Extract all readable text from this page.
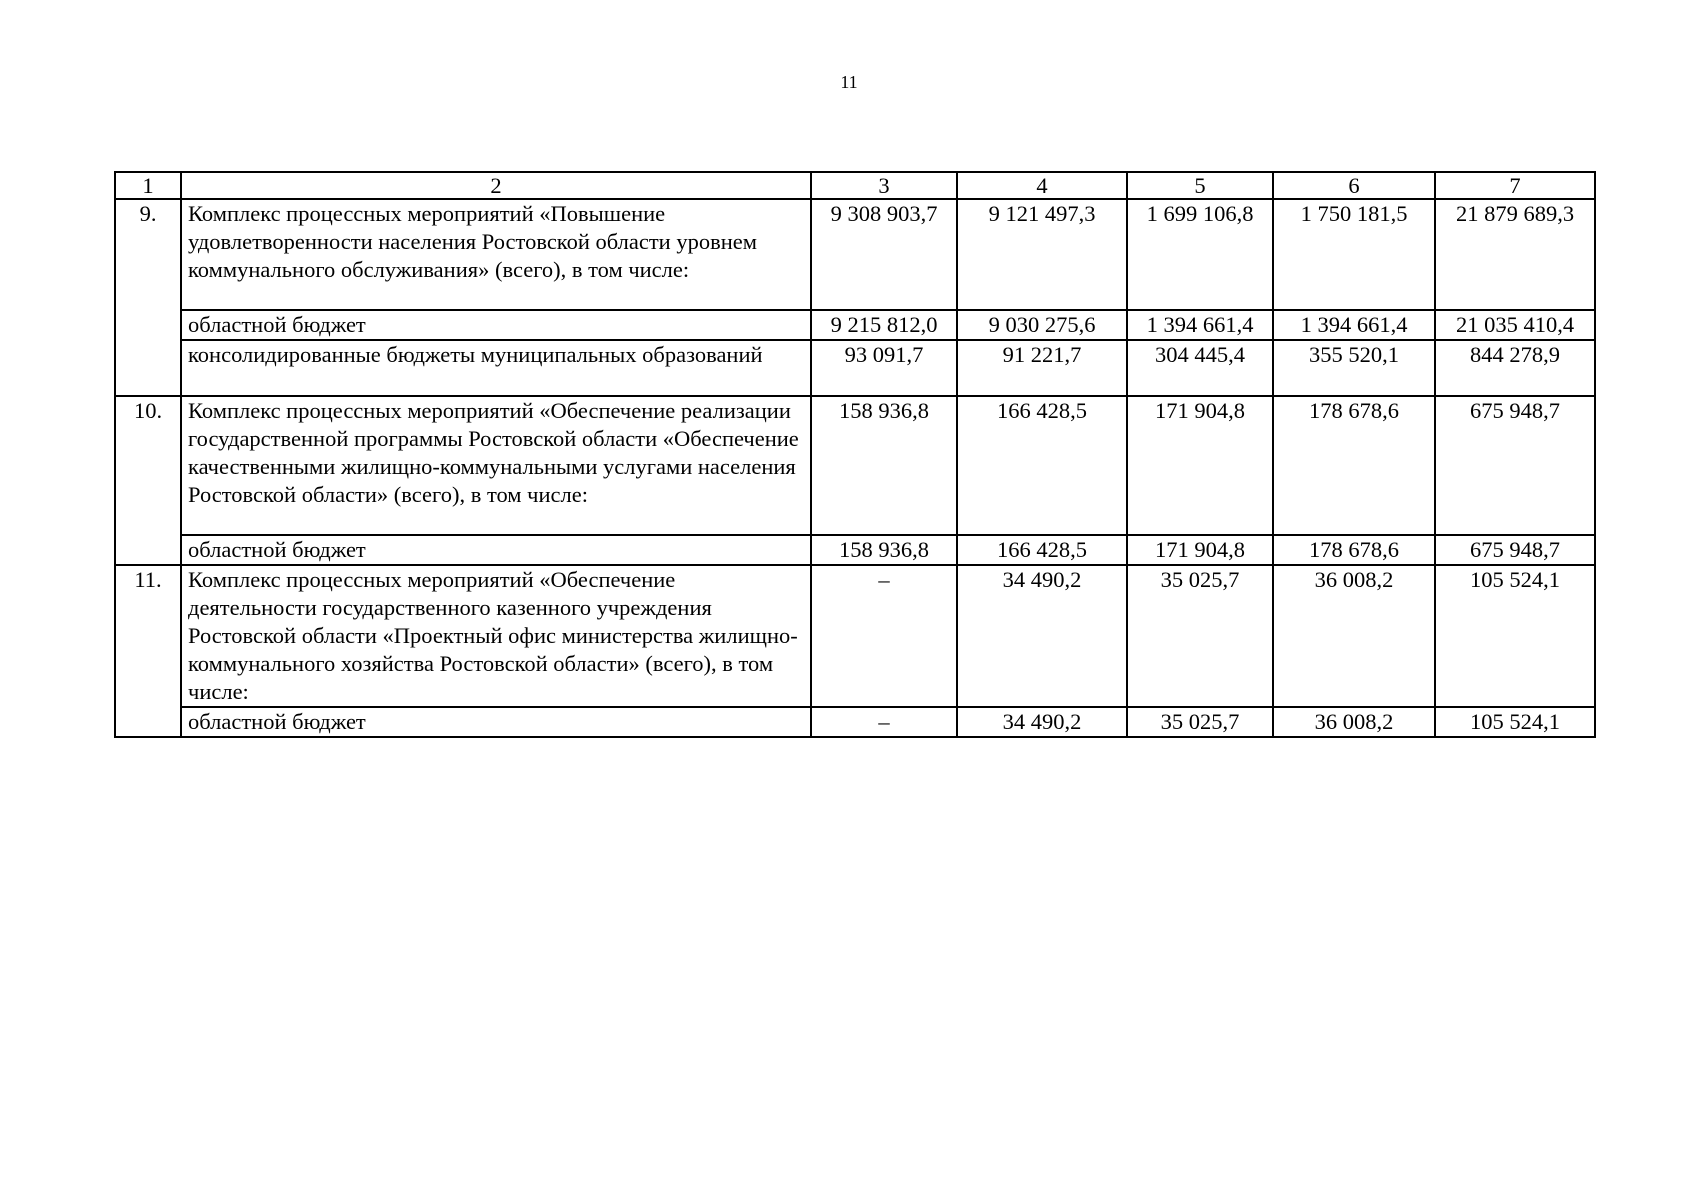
11
1	2	3	4	5	6	7
9.	Комплекс процессных мероприятий «Повышение удовлетворенности населения Ростовской области уровнем коммунального обслуживания» (всего), в том числе:	9 308 903,7	9 121 497,3	1 699 106,8	1 750 181,5	21 879 689,3
	областной бюджет	9 215 812,0	9 030 275,6	1 394 661,4	1 394 661,4	21 035 410,4
	консолидированные бюджеты муниципальных образований	93 091,7	91 221,7	304 445,4	355 520,1	844 278,9
10.	Комплекс процессных мероприятий «Обеспечение реализации государственной программы Ростовской области «Обеспечение качественными жилищно-коммунальными услугами населения Ростовской области» (всего), в том числе:	158 936,8	166 428,5	171 904,8	178 678,6	675 948,7
	областной бюджет	158 936,8	166 428,5	171 904,8	178 678,6	675 948,7
11.	Комплекс процессных мероприятий «Обеспечение деятельности государственного казенного учреждения Ростовской области «Проектный офис министерства жилищно-коммунального хозяйства Ростовской области» (всего), в том числе:	–	34 490,2	35 025,7	36 008,2	105 524,1
	областной бюджет	–	34 490,2	35 025,7	36 008,2	105 524,1
